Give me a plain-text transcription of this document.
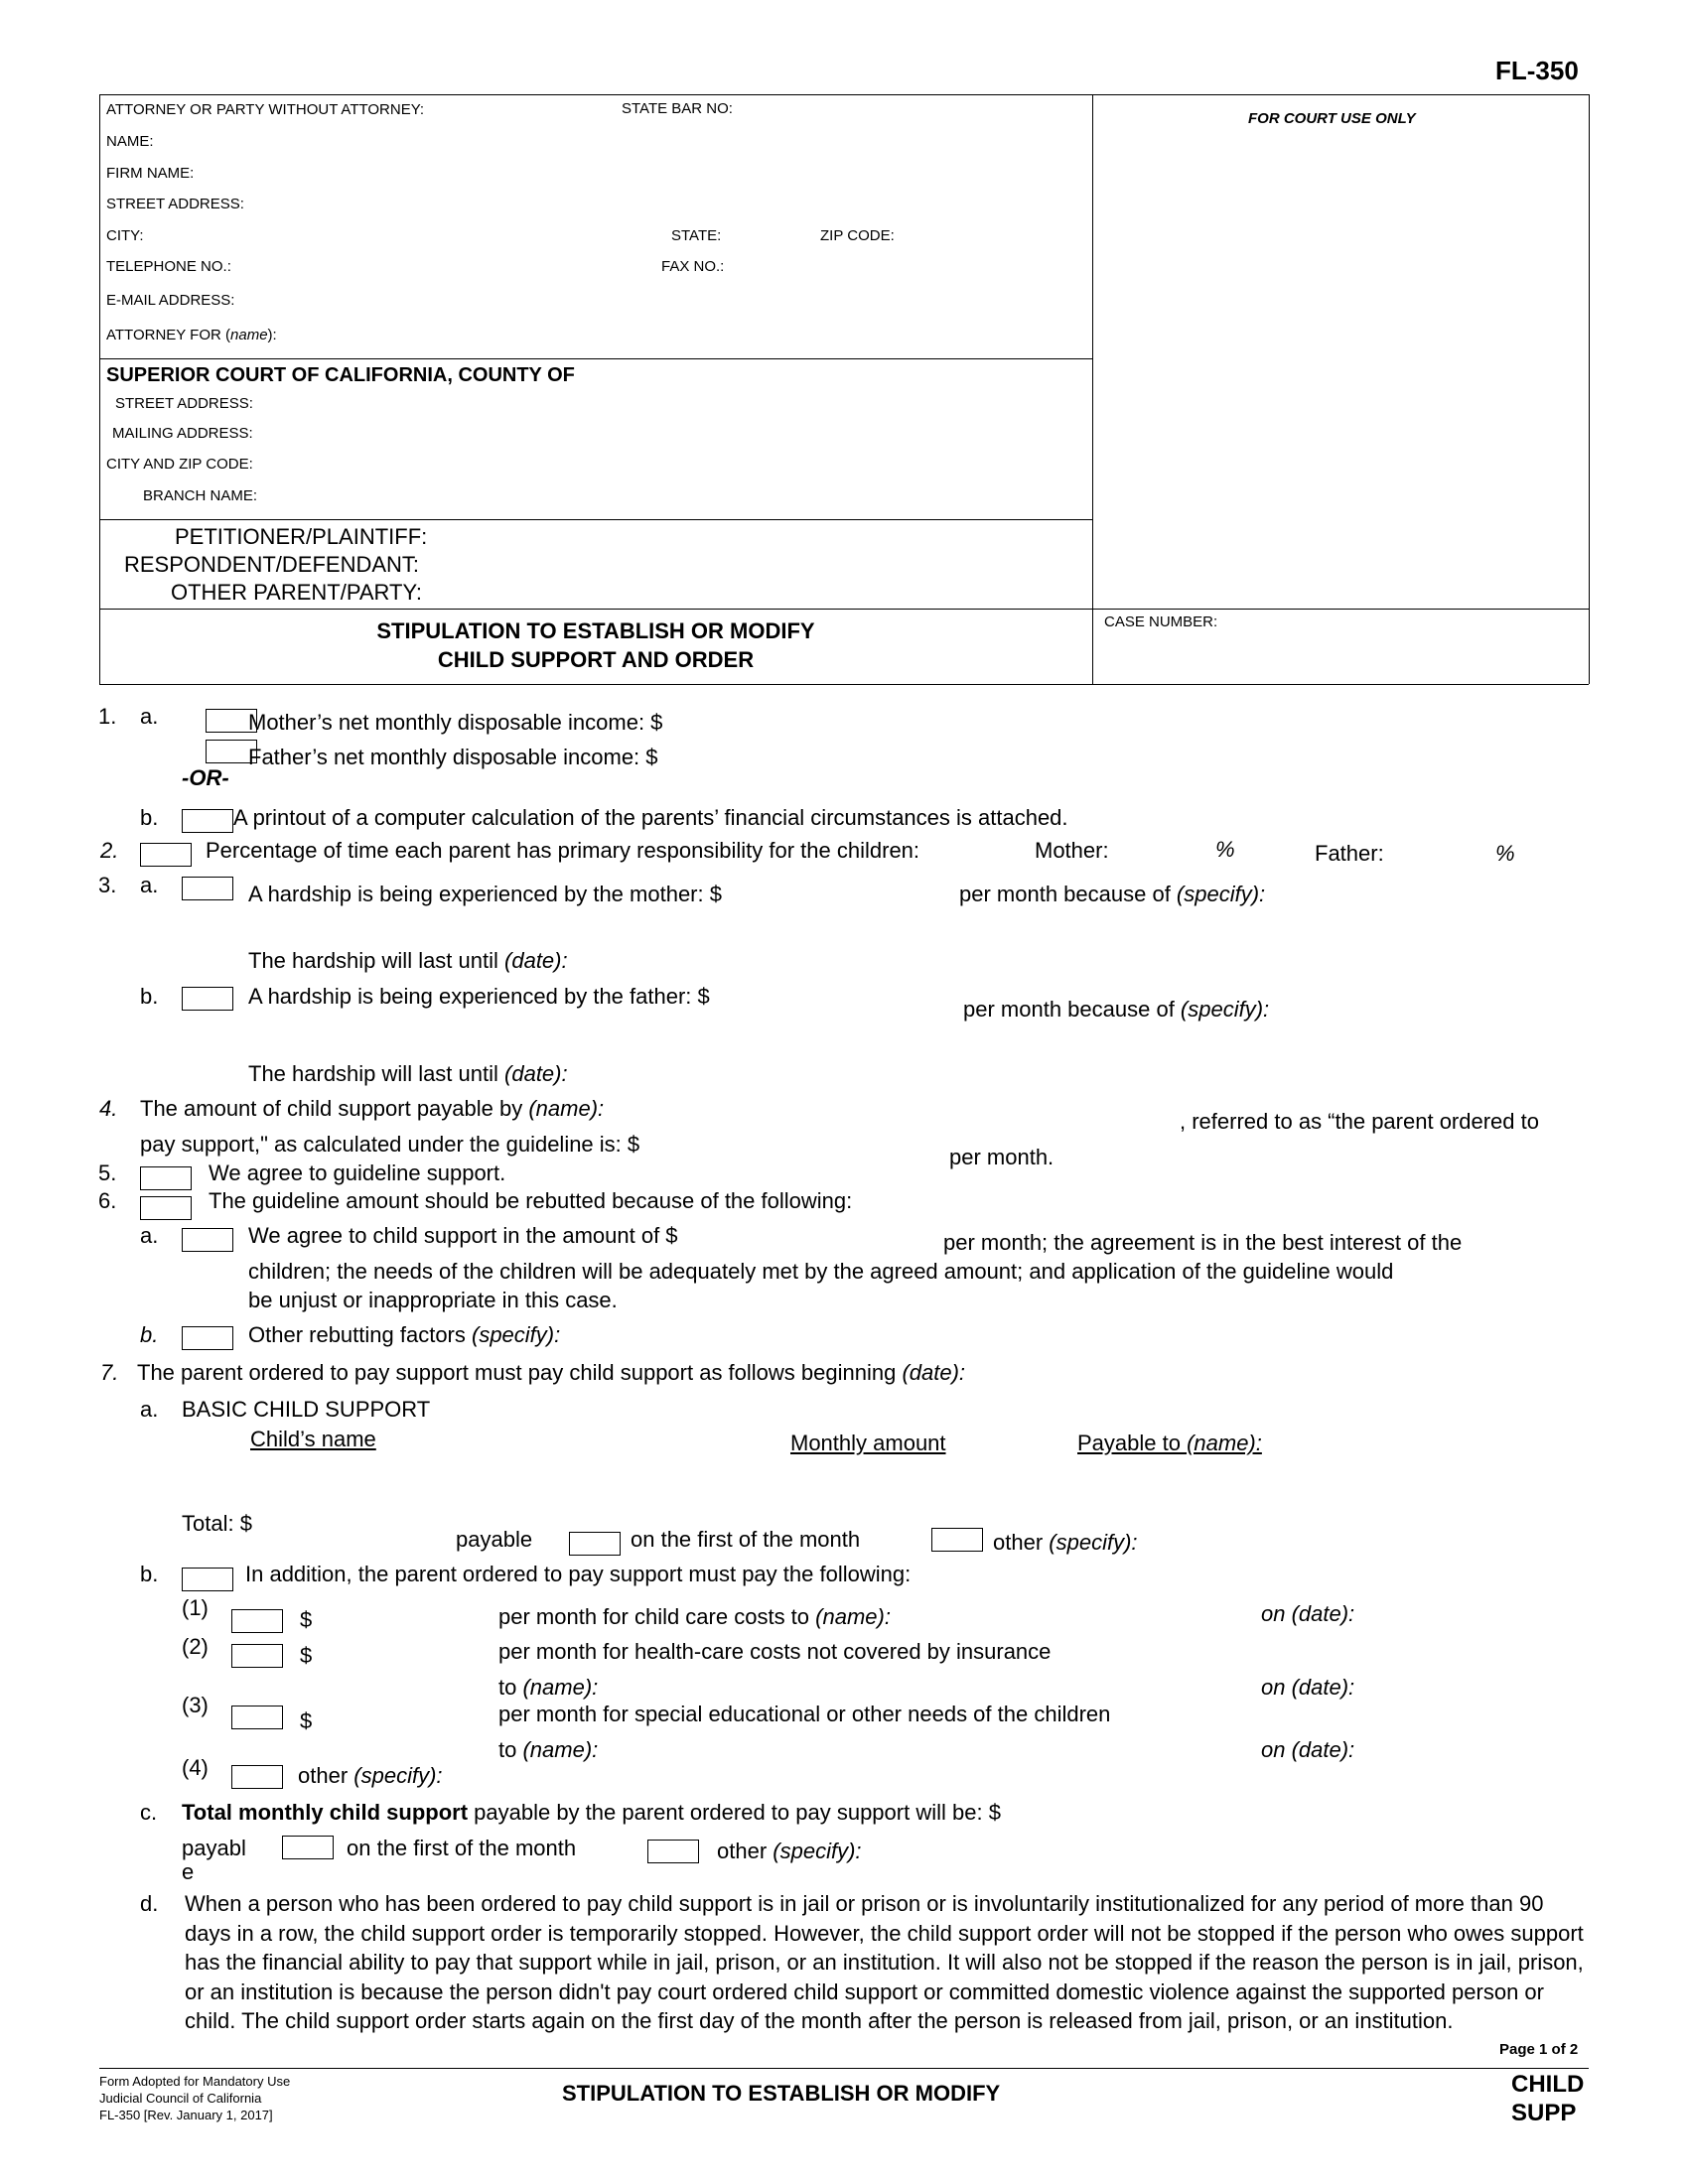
FL-350
ATTORNEY OR PARTY WITHOUT ATTORNEY:	STATE BAR NO:
NAME:
FIRM NAME:
STREET ADDRESS:
CITY:	STATE:	ZIP CODE:
TELEPHONE NO.:	FAX NO.:
E-MAIL ADDRESS:
ATTORNEY FOR (name):
FOR COURT USE ONLY
SUPERIOR COURT OF CALIFORNIA, COUNTY OF
STREET ADDRESS:
MAILING ADDRESS:
CITY AND ZIP CODE:
BRANCH NAME:
PETITIONER/PLAINTIFF:
RESPONDENT/DEFENDANT:
OTHER PARENT/PARTY:
STIPULATION TO ESTABLISH OR MODIFY
CHILD SUPPORT AND ORDER
CASE NUMBER:
1. a.	Mother’s net monthly disposable income: $
Father’s net monthly disposable income: $
-OR-
b.	A printout of a computer calculation of the parents’ financial circumstances is attached.
2.	Percentage of time each parent has primary responsibility for the children:	Mother:	%	Father:	%
3. a.	A hardship is being experienced by the mother: $	per month because of (specify):
The hardship will last until (date):
b.	A hardship is being experienced by the father: $
per month because of (specify):
The hardship will last until (date):
4. The amount of child support payable by (name):
, referred to as “the parent ordered to
pay support," as calculated under the guideline is: $
per month.
5.	We agree to guideline support.
6.	The guideline amount should be rebutted because of the following:
a.	We agree to child support in the amount of $	per month; the agreement is in the best interest of the
children; the needs of the children will be adequately met by the agreed amount; and application of the guideline would
be unjust or inappropriate in this case.
b.	Other rebutting factors (specify):
7. The parent ordered to pay support must pay child support as follows beginning (date):
a. BASIC CHILD SUPPORT
Child’s name	Monthly amount	Payable to (name):
Total: $
payable	on the first of the month	other (specify):
b.	In addition, the parent ordered to pay support must pay the following:
(1)	$	per month for child care costs to (name):	on (date):
(2)	$	per month for health-care costs not covered by insurance
to (name):	on (date):
(3)
$	per month for special educational or other needs of the children
to (name):	on (date):
(4)	other (specify):
c. Total monthly child support payable by the parent ordered to pay support will be: $
payabl
e
on the first of the month	other (specify):
d. When a person who has been ordered to pay child support is in jail or prison or is involuntarily institutionalized for any period of more than 90 days in a row, the child support order is temporarily stopped. However, the child support order will not be stopped if the person who owes support has the financial ability to pay that support while in jail, prison, or an institution. It will also not be stopped if the reason the person is in jail, prison, or an institution is because the person didn't pay court ordered child support or committed domestic violence against the supported person or child. The child support order starts again on the first day of the month after the person is released from jail, prison, or an institution.
Page 1 of 2
Form Adopted for Mandatory Use
Judicial Council of California
FL-350 [Rev. January 1, 2017]
STIPULATION TO ESTABLISH OR MODIFY	CHILD
SUPP
